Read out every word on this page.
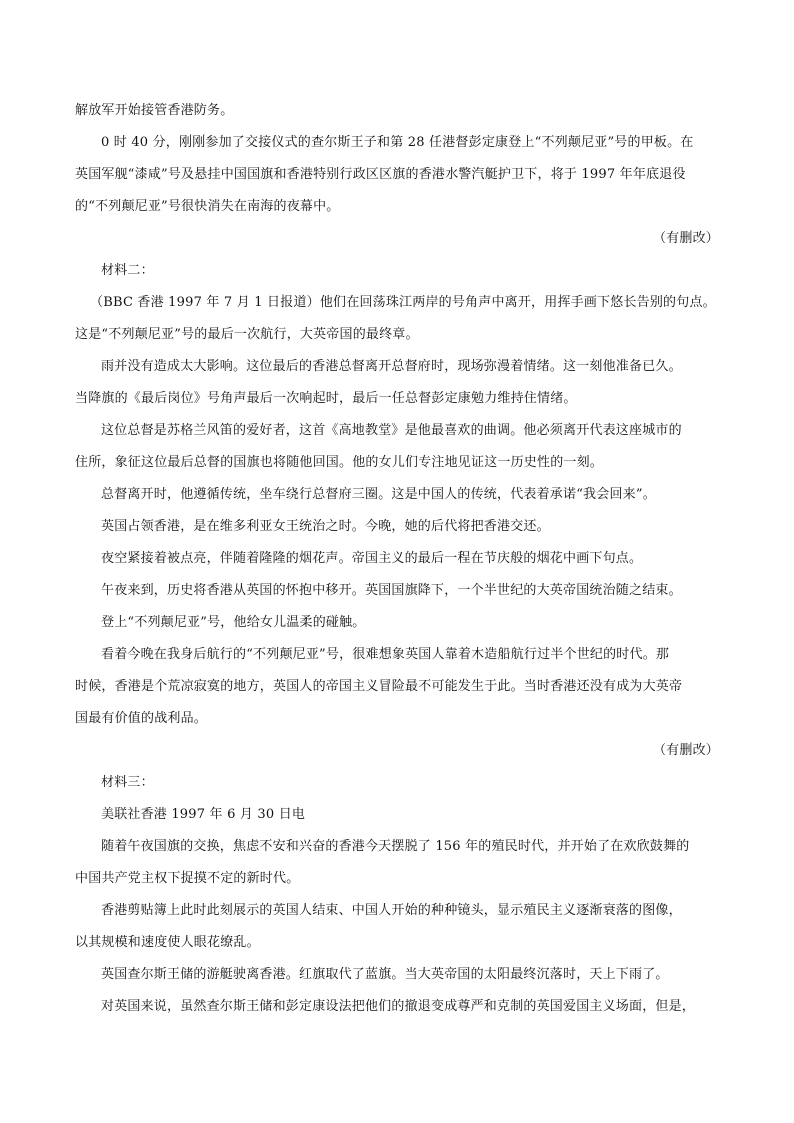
解放军开始接管香港防务。
0 时 40 分，刚刚参加了交接仪式的查尔斯王子和第 28 任港督彭定康登上“不列颠尼亚”号的甲板。在
英国军舰“漆咸”号及悬挂中国国旗和香港特别行政区区旗的香港水警汽艇护卫下，将于 1997 年年底退役
的“不列颠尼亚”号很快消失在南海的夜幕中。
（有删改）
材料二：
（BBC 香港 1997 年 7 月 1 日报道）他们在回荡珠江两岸的号角声中离开，用挥手画下悠长告别的句点。
这是“不列颠尼亚”号的最后一次航行，大英帝国的最终章。
雨并没有造成太大影响。这位最后的香港总督离开总督府时，现场弥漫着情绪。这一刻他准备已久。
当降旗的《最后岗位》号角声最后一次响起时，最后一任总督彭定康勉力维持住情绪。
这位总督是苏格兰风笛的爱好者，这首《高地教堂》是他最喜欢的曲调。他必须离开代表这座城市的
住所，象征这位最后总督的国旗也将随他回国。他的女儿们专注地见证这一历史性的一刻。
总督离开时，他遵循传统，坐车绕行总督府三圈。这是中国人的传统，代表着承诺“我会回来”。
英国占领香港，是在维多利亚女王统治之时。今晚，她的后代将把香港交还。
夜空紧接着被点亮，伴随着隆隆的烟花声。帝国主义的最后一程在节庆般的烟花中画下句点。
午夜来到，历史将香港从英国的怀抱中移开。英国国旗降下，一个半世纪的大英帝国统治随之结束。
登上“不列颠尼亚”号，他给女儿温柔的碰触。
看着今晚在我身后航行的“不列颠尼亚”号，很难想象英国人靠着木造船航行过半个世纪的时代。那
时候，香港是个荒凉寂寞的地方，英国人的帝国主义冒险最不可能发生于此。当时香港还没有成为大英帝
国最有价值的战利品。
（有删改）
材料三：
美联社香港 1997 年 6 月 30 日电
随着午夜国旗的交换，焦虑不安和兴奋的香港今天摆脱了 156 年的殖民时代，并开始了在欢欣鼓舞的
中国共产党主权下捉摸不定的新时代。
香港剪贴簿上此时此刻展示的英国人结束、中国人开始的种种镜头，显示殖民主义逐渐衰落的图像，
以其规模和速度使人眼花缭乱。
英国查尔斯王储的游艇驶离香港。红旗取代了蓝旗。当大英帝国的太阳最终沉落时，天上下雨了。
对英国来说，虽然查尔斯王储和彭定康设法把他们的撤退变成尊严和克制的英国爱国主义场面，但是，
